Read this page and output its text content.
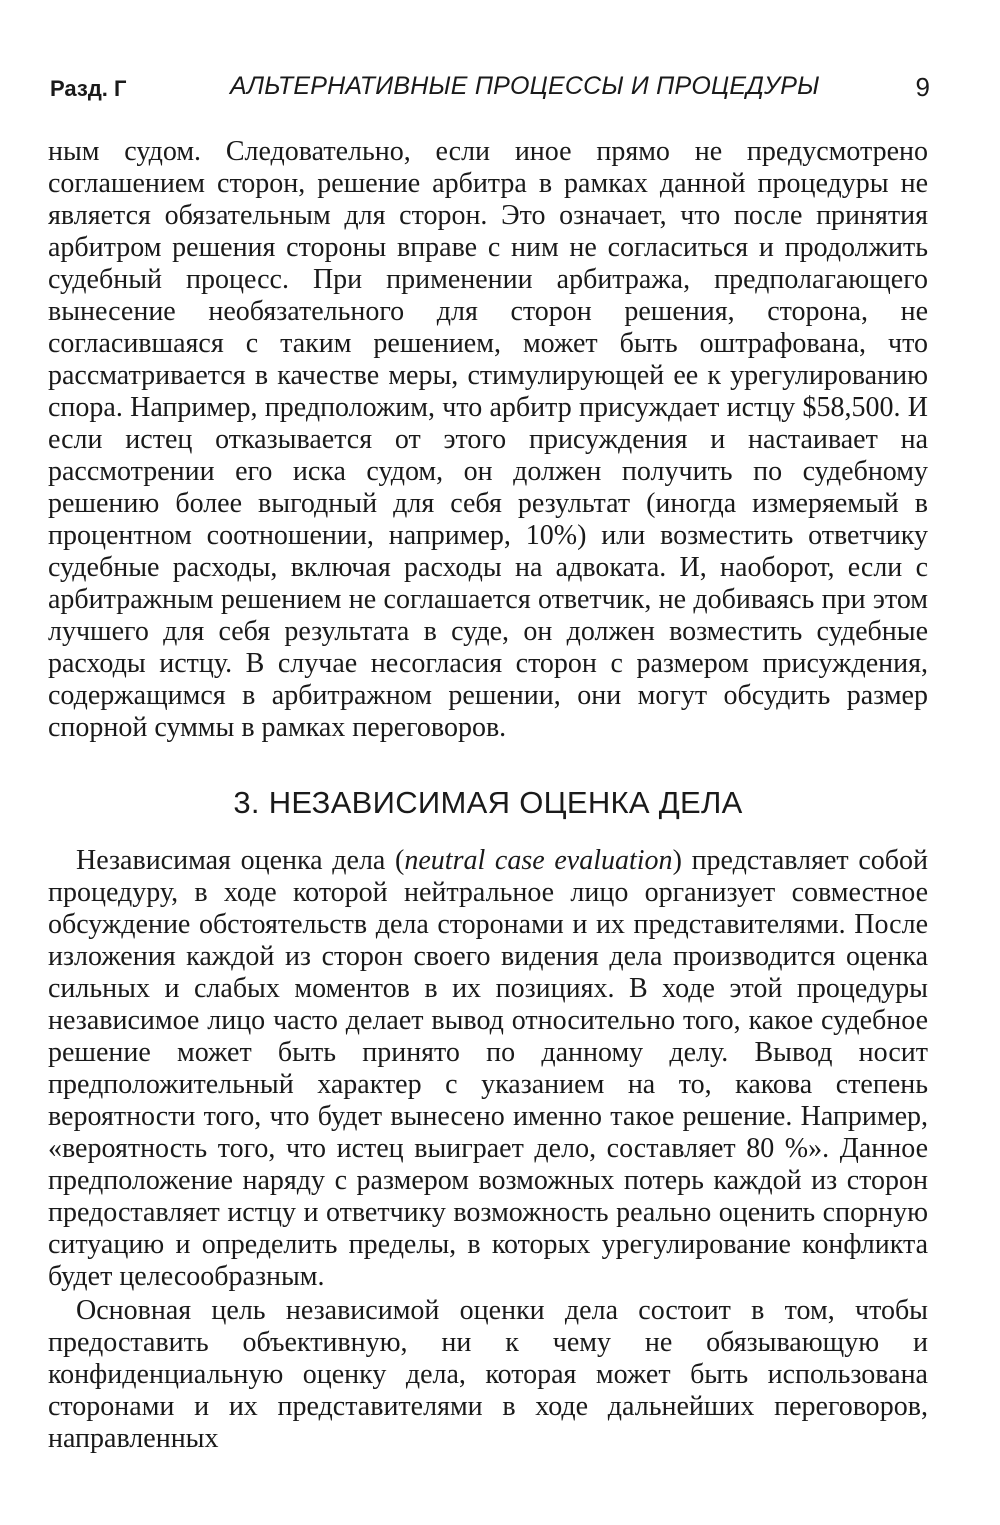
Разд. Г	АЛЬТЕРНАТИВНЫЕ ПРОЦЕССЫ И ПРОЦЕДУРЫ	9

ным судом. Следовательно, если иное прямо не предусмотрено соглашением сторон, решение арбитра в рамках данной процедуры не является обязательным для сторон. Это означает, что после принятия арбитром решения стороны вправе с ним не согласиться и продолжить судебный процесс. При применении арбитража, предполагающего вынесение необязательного для сторон решения, сторона, не согласившаяся с таким решением, может быть оштрафована, что рассматривается в качестве меры, стимулирующей ее к урегулированию спора. Например, предположим, что арбитр присуждает истцу $58,500. И если истец отказывается от этого присуждения и настаивает на рассмотрении его иска судом, он должен получить по судебному решению более выгодный для себя результат (иногда измеряемый в процентном соотношении, например, 10%) или возместить ответчику судебные расходы, включая расходы на адвоката. И, наоборот, если с арбитражным решением не соглашается ответчик, не добиваясь при этом лучшего для себя результата в суде, он должен возместить судебные расходы истцу. В случае несогласия сторон с размером присуждения, содержащимся в арбитражном решении, они могут обсудить размер спорной суммы в рамках переговоров.

3. НЕЗАВИСИМАЯ ОЦЕНКА ДЕЛА

Независимая оценка дела (neutral case evaluation) представляет собой процедуру, в ходе которой нейтральное лицо организует совместное обсуждение обстоятельств дела сторонами и их представителями. После изложения каждой из сторон своего видения дела производится оценка сильных и слабых моментов в их позициях. В ходе этой процедуры независимое лицо часто делает вывод относительно того, какое судебное решение может быть принято по данному делу. Вывод носит предположительный характер с указанием на то, какова степень вероятности того, что будет вынесено именно такое решение. Например, «вероятность того, что истец выиграет дело, составляет 80 %». Данное предположение наряду с размером возможных потерь каждой из сторон предоставляет истцу и ответчику возможность реально оценить спорную ситуацию и определить пределы, в которых урегулирование конфликта будет целесообразным.

Основная цель независимой оценки дела состоит в том, чтобы предоставить объективную, ни к чему не обязывающую и конфиденциальную оценку дела, которая может быть использована сторонами и их представителями в ходе дальнейших переговоров, направленных
